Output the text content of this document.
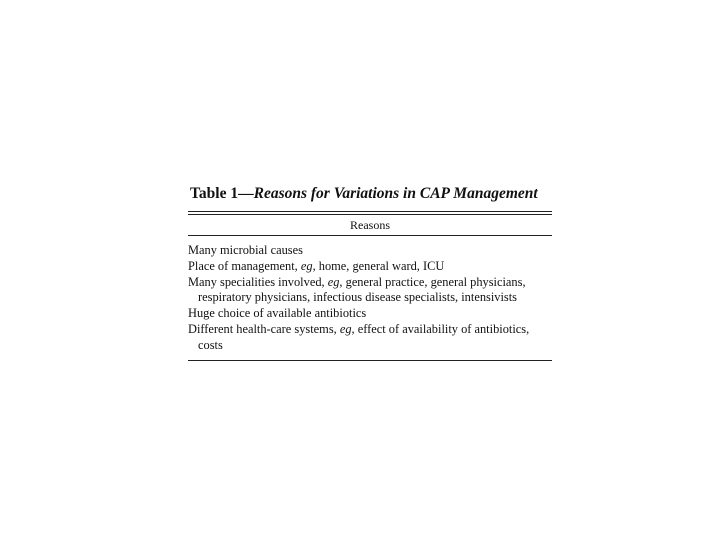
Table 1—Reasons for Variations in CAP Management
Reasons
Many microbial causes
Place of management, eg, home, general ward, ICU
Many specialities involved, eg, general practice, general physicians, respiratory physicians, infectious disease specialists, intensivists
Huge choice of available antibiotics
Different health-care systems, eg, effect of availability of antibiotics, costs
